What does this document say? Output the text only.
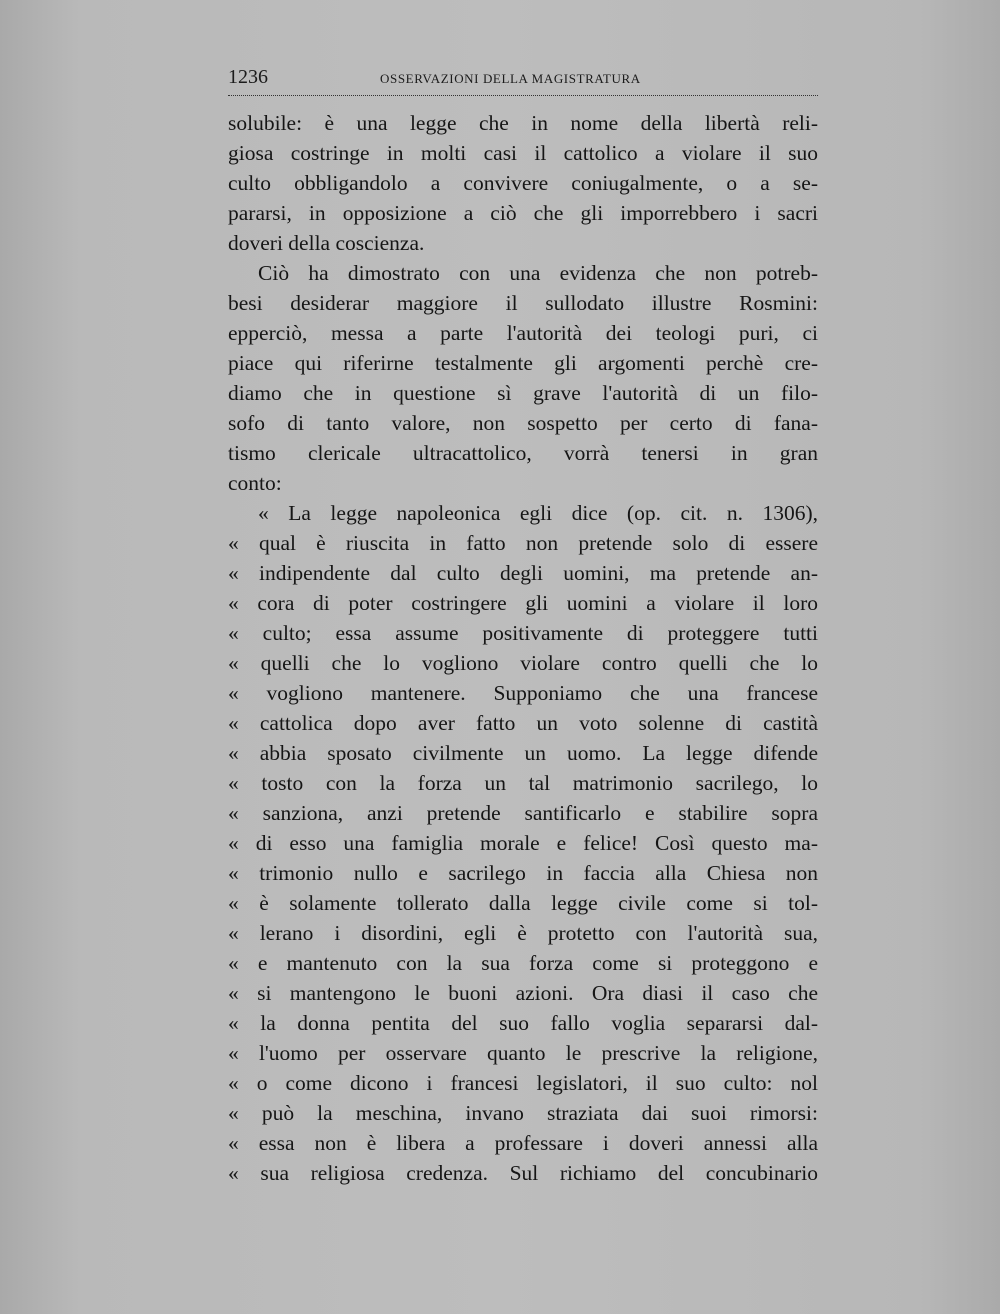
1236	OSSERVAZIONI DELLA MAGISTRATURA
solubile: è una legge che in nome della libertà reli-
giosa costringe in molti casi il cattolico a violare il suo
culto obbligandolo a convivere coniugalmente, o a se-
pararsi, in opposizione a ciò che gli imporrebbero i sacri
doveri della coscienza.
Ciò ha dimostrato con una evidenza che non potreb-
besi desiderar maggiore il sullodato illustre Rosmini:
epperciò, messa a parte l'autorità dei teologi puri, ci
piace qui riferirne testalmente gli argomenti perchè cre-
diamo che in questione sì grave l'autorità di un filo-
sofo di tanto valore, non sospetto per certo di fana-
tismo clericale ultracattolico, vorrà tenersi in gran
conto:
« La legge napoleonica egli dice (op. cit. n. 1306),
« qual è riuscita in fatto non pretende solo di essere
« indipendente dal culto degli uomini, ma pretende an-
« cora di poter costringere gli uomini a violare il loro
« culto; essa assume positivamente di proteggere tutti
« quelli che lo vogliono violare contro quelli che lo
« vogliono mantenere. Supponiamo che una francese
« cattolica dopo aver fatto un voto solenne di castità
« abbia sposato civilmente un uomo. La legge difende
« tosto con la forza un tal matrimonio sacrilego, lo
« sanziona, anzi pretende santificarlo e stabilire sopra
« di esso una famiglia morale e felice! Così questo ma-
« trimonio nullo e sacrilego in faccia alla Chiesa non
« è solamente tollerato dalla legge civile come si tol-
« lerano i disordini, egli è protetto con l'autorità sua,
« e mantenuto con la sua forza come si proteggono e
« si mantengono le buoni azioni. Ora diasi il caso che
« la donna pentita del suo fallo voglia separarsi dal-
« l'uomo per osservare quanto le prescrive la religione,
« o come dicono i francesi legislatori, il suo culto: nol
« può la meschina, invano straziata dai suoi rimorsi:
« essa non è libera a professare i doveri annessi alla
« sua religiosa credenza. Sul richiamo del concubinario
